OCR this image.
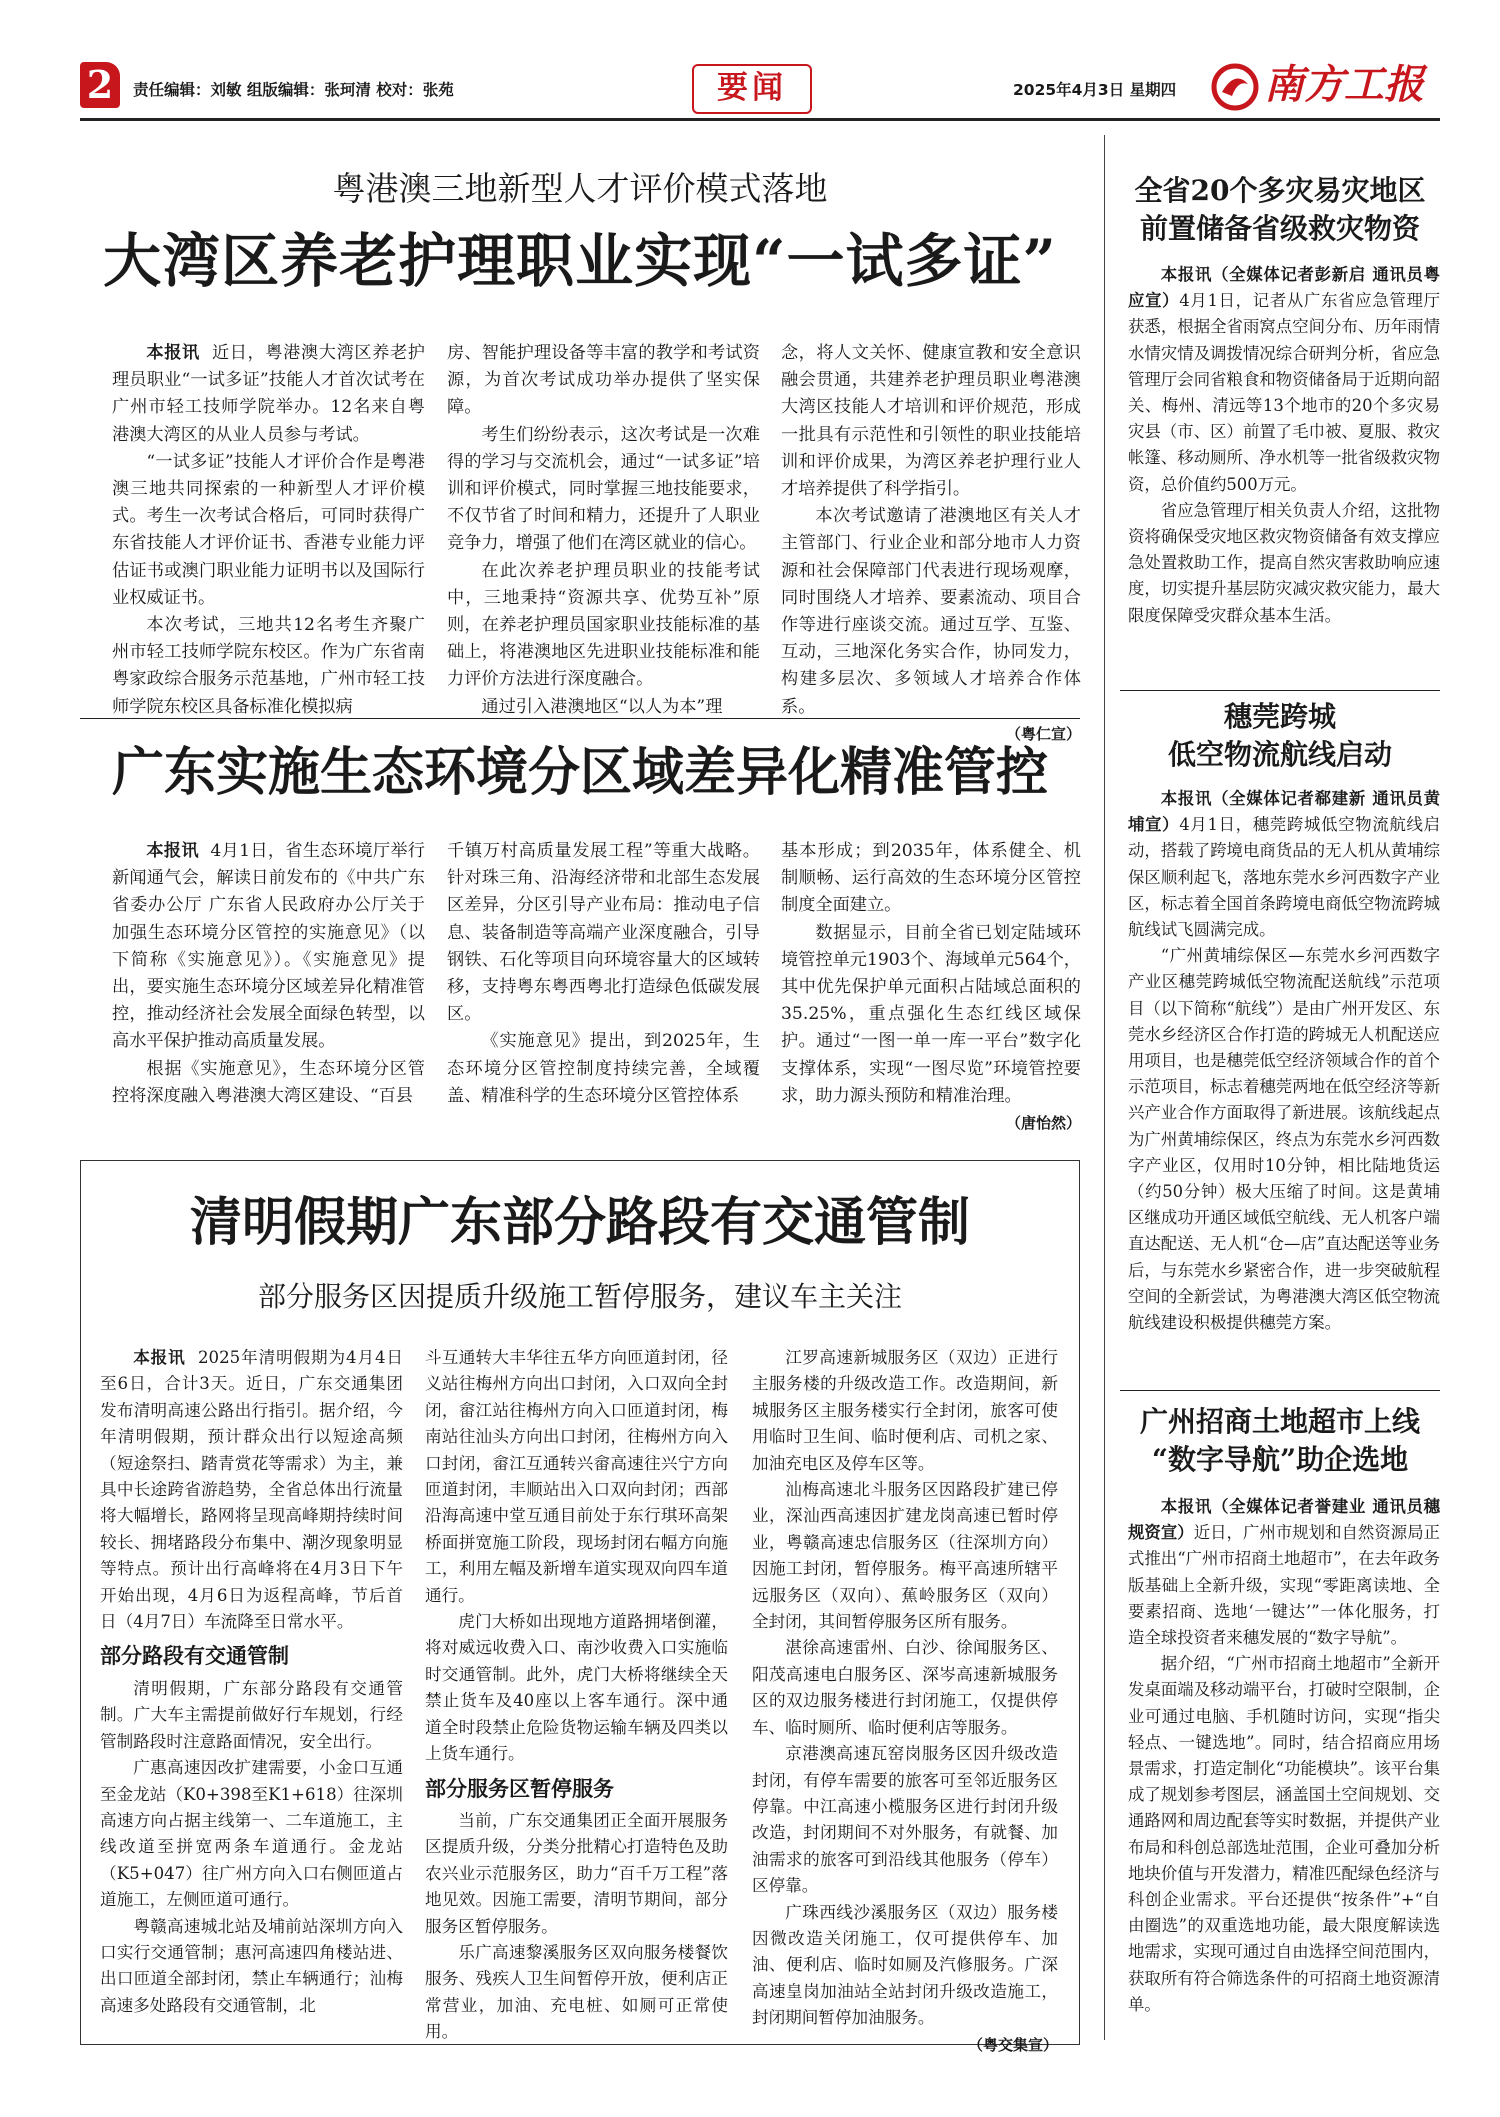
2	责任编辑：刘敏 组版编辑：张珂清 校对：张苑	要闻	2025年4月3日 星期四 南方工报
粤港澳三地新型人才评价模式落地
大湾区养老护理职业实现“一试多证”

本报讯 近日，粤港澳大湾区养老护理员职业“一试多证”技能人才首次试考在广州市轻工技师学院举办。12名来自粤港澳大湾区的从业人员参与考试。

“一试多证”技能人才评价合作是粤港澳三地共同探索的一种新型人才评价模式。考生一次考试合格后，可同时获得广东省技能人才评价证书、香港专业能力评估证书或澳门职业能力证明书以及国际行业权威证书。

本次考试，三地共12名考生齐聚广州市轻工技师学院东校区。作为广东省南粤家政综合服务示范基地，广州市轻工技师学院东校区具备标准化模拟病

房、智能护理设备等丰富的教学和考试资源，为首次考试成功举办提供了坚实保障。

考生们纷纷表示，这次考试是一次难得的学习与交流机会，通过“一试多证”培训和评价模式，同时掌握三地技能要求，不仅节省了时间和精力，还提升了人职业竞争力，增强了他们在湾区就业的信心。

在此次养老护理员职业的技能考试中，三地秉持“资源共享、优势互补”原则，在养老护理员国家职业技能标准的基础上，将港澳地区先进职业技能标准和能力评价方法进行深度融合。

通过引入港澳地区“以人为本”理

念，将人文关怀、健康宣教和安全意识融会贯通，共建养老护理员职业粤港澳大湾区技能人才培训和评价规范，形成一批具有示范性和引领性的职业技能培训和评价成果，为湾区养老护理行业人才培养提供了科学指引。

本次考试邀请了港澳地区有关人才主管部门、行业企业和部分地市人力资源和社会保障部门代表进行现场观摩，同时围绕人才培养、要素流动、项目合作等进行座谈交流。通过互学、互鉴、互动，三地深化务实合作，协同发力，构建多层次、多领域人才培养合作体系。

（粤仁宣）
广东实施生态环境分区域差异化精准管控

本报讯 4月1日，省生态环境厅举行新闻通气会，解读日前发布的《中共广东省委办公厅 广东省人民政府办公厅关于加强生态环境分区管控的实施意见》（以下简称《实施意见》）。《实施意见》提出，要实施生态环境分区域差异化精准管控，推动经济社会发展全面绿色转型，以高水平保护推动高质量发展。

根据《实施意见》，生态环境分区管控将深度融入粤港澳大湾区建设、“百县

千镇万村高质量发展工程”等重大战略。针对珠三角、沿海经济带和北部生态发展区差异，分区引导产业布局：推动电子信息、装备制造等高端产业深度融合，引导钢铁、石化等项目向环境容量大的区域转移，支持粤东粤西粤北打造绿色低碳发展区。

《实施意见》提出，到2025年，生态环境分区管控制度持续完善，全域覆盖、精准科学的生态环境分区管控体系

基本形成；到2035年，体系健全、机制顺畅、运行高效的生态环境分区管控制度全面建立。

数据显示，目前全省已划定陆域环境管控单元1903个、海域单元564个，其中优先保护单元面积占陆域总面积的35.25%，重点强化生态红线区域保护。通过“一图一单一库一平台”数字化支撑体系，实现“一图尽览”环境管控要求，助力源头预防和精准治理。

（唐怡然）
清明假期广东部分路段有交通管制
部分服务区因提质升级施工暂停服务，建议车主关注

本报讯 2025年清明假期为4月4日至6日，合计3天。近日，广东交通集团发布清明高速公路出行指引。据介绍，今年清明假期，预计群众出行以短途高频（短途祭扫、踏青赏花等需求）为主，兼具中长途跨省游趋势，全省总体出行流量将大幅增长，路网将呈现高峰期持续时间较长、拥堵路段分布集中、潮汐现象明显等特点。预计出行高峰将在4月3日下午开始出现，4月6日为返程高峰，节后首日（4月7日）车流降至日常水平。

部分路段有交通管制

清明假期，广东部分路段有交通管制。广大车主需提前做好行车规划，行经管制路段时注意路面情况，安全出行。

广惠高速因改扩建需要，小金口互通至金龙站（K0+398至K1+618）往深圳高速方向占据主线第一、二车道施工，主线改道至拼宽两条车道通行。金龙站（K5+047）往广州方向入口右侧匝道占道施工，左侧匝道可通行。

粤赣高速城北站及埔前站深圳方向入口实行交通管制；惠河高速四角楼站进、出口匝道全部封闭，禁止车辆通行；汕梅高速多处路段有交通管制，北

斗互通转大丰华往五华方向匝道封闭，径义站往梅州方向出口封闭，入口双向全封闭，畲江站往梅州方向入口匝道封闭，梅南站往汕头方向出口封闭，往梅州方向入口封闭，畲江互通转兴畲高速往兴宁方向匝道封闭，丰顺站出入口双向封闭；西部沿海高速中堂互通目前处于东行琪环高架桥面拼宽施工阶段，现场封闭右幅方向施工，利用左幅及新增车道实现双向四车道通行。

虎门大桥如出现地方道路拥堵倒灌，将对威远收费入口、南沙收费入口实施临时交通管制。此外，虎门大桥将继续全天禁止货车及40座以上客车通行。深中通道全时段禁止危险货物运输车辆及四类以上货车通行。

部分服务区暂停服务

当前，广东交通集团正全面开展服务区提质升级，分类分批精心打造特色及助农兴业示范服务区，助力“百千万工程”落地见效。因施工需要，清明节期间，部分服务区暂停服务。

乐广高速黎溪服务区双向服务楼餐饮服务、残疾人卫生间暂停开放，便利店正常营业，加油、充电桩、如厕可正常使用。

江罗高速新城服务区（双边）正进行主服务楼的升级改造工作。改造期间，新城服务区主服务楼实行全封闭，旅客可使用临时卫生间、临时便利店、司机之家、加油充电区及停车区等。

汕梅高速北斗服务区因路段扩建已停业，深汕西高速因扩建龙岗高速已暂时停业，粤赣高速忠信服务区（往深圳方向）因施工封闭，暂停服务。梅平高速所辖平远服务区（双向）、蕉岭服务区（双向）全封闭，其间暂停服务区所有服务。

湛徐高速雷州、白沙、徐闻服务区、阳茂高速电白服务区、深岑高速新城服务区的双边服务楼进行封闭施工，仅提供停车、临时厕所、临时便利店等服务。

京港澳高速瓦窑岗服务区因升级改造封闭，有停车需要的旅客可至邻近服务区停靠。中江高速小榄服务区进行封闭升级改造，封闭期间不对外服务，有就餐、加油需求的旅客可到沿线其他服务（停车）区停靠。

广珠西线沙溪服务区（双边）服务楼因微改造关闭施工，仅可提供停车、加油、便利店、临时如厕及汽修服务。广深高速皇岗加油站全站封闭升级改造施工，封闭期间暂停加油服务。

（粤交集宣）
全省20个多灾易灾地区
前置储备省级救灾物资

本报讯（全媒体记者彭新启 通讯员粤应宣）4月1日，记者从广东省应急管理厅获悉，根据全省雨窝点空间分布、历年雨情水情灾情及调拨情况综合研判分析，省应急管理厅会同省粮食和物资储备局于近期向韶关、梅州、清远等13个地市的20个多灾易灾县（市、区）前置了毛巾被、夏服、救灾帐篷、移动厕所、净水机等一批省级救灾物资，总价值约500万元。

省应急管理厅相关负责人介绍，这批物资将确保受灾地区救灾物资储备有效支撑应急处置救助工作，提高自然灾害救助响应速度，切实提升基层防灾减灾救灾能力，最大限度保障受灾群众基本生活。

穗莞跨城
低空物流航线启动

本报讯（全媒体记者郗建新 通讯员黄埔宣）4月1日，穗莞跨城低空物流航线启动，搭载了跨境电商货品的无人机从黄埔综保区顺利起飞，落地东莞水乡河西数字产业区，标志着全国首条跨境电商低空物流跨城航线试飞圆满完成。

“广州黄埔综保区—东莞水乡河西数字产业区穗莞跨城低空物流配送航线”示范项目（以下简称“航线”）是由广州开发区、东莞水乡经济区合作打造的跨城无人机配送应用项目，也是穗莞低空经济领域合作的首个示范项目，标志着穗莞两地在低空经济等新兴产业合作方面取得了新进展。该航线起点为广州黄埔综保区，终点为东莞水乡河西数字产业区，仅用时10分钟，相比陆地货运（约50分钟）极大压缩了时间。这是黄埔区继成功开通区域低空航线、无人机客户端直达配送、无人机“仓—店”直达配送等业务后，与东莞水乡紧密合作，进一步突破航程空间的全新尝试，为粤港澳大湾区低空物流航线建设积极提供穗莞方案。

广州招商土地超市上线
“数字导航”助企选地

本报讯（全媒体记者誉建业 通讯员穗规资宣）近日，广州市规划和自然资源局正式推出“广州市招商土地超市”，在去年政务版基础上全新升级，实现“零距离读地、全要素招商、选地‘一键达’”一体化服务，打造全球投资者来穗发展的“数字导航”。

据介绍，“广州市招商土地超市”全新开发桌面端及移动端平台，打破时空限制，企业可通过电脑、手机随时访问，实现“指尖轻点、一键选地”。同时，结合招商应用场景需求，打造定制化“功能模块”。该平台集成了规划参考图层，涵盖国土空间规划、交通路网和周边配套等实时数据，并提供产业布局和科创总部选址范围，企业可叠加分析地块价值与开发潜力，精准匹配绿色经济与科创企业需求。平台还提供“按条件”+“自由圈选”的双重选地功能，最大限度解读选地需求，实现可通过自由选择空间范围内，获取所有符合筛选条件的可招商土地资源清单。
